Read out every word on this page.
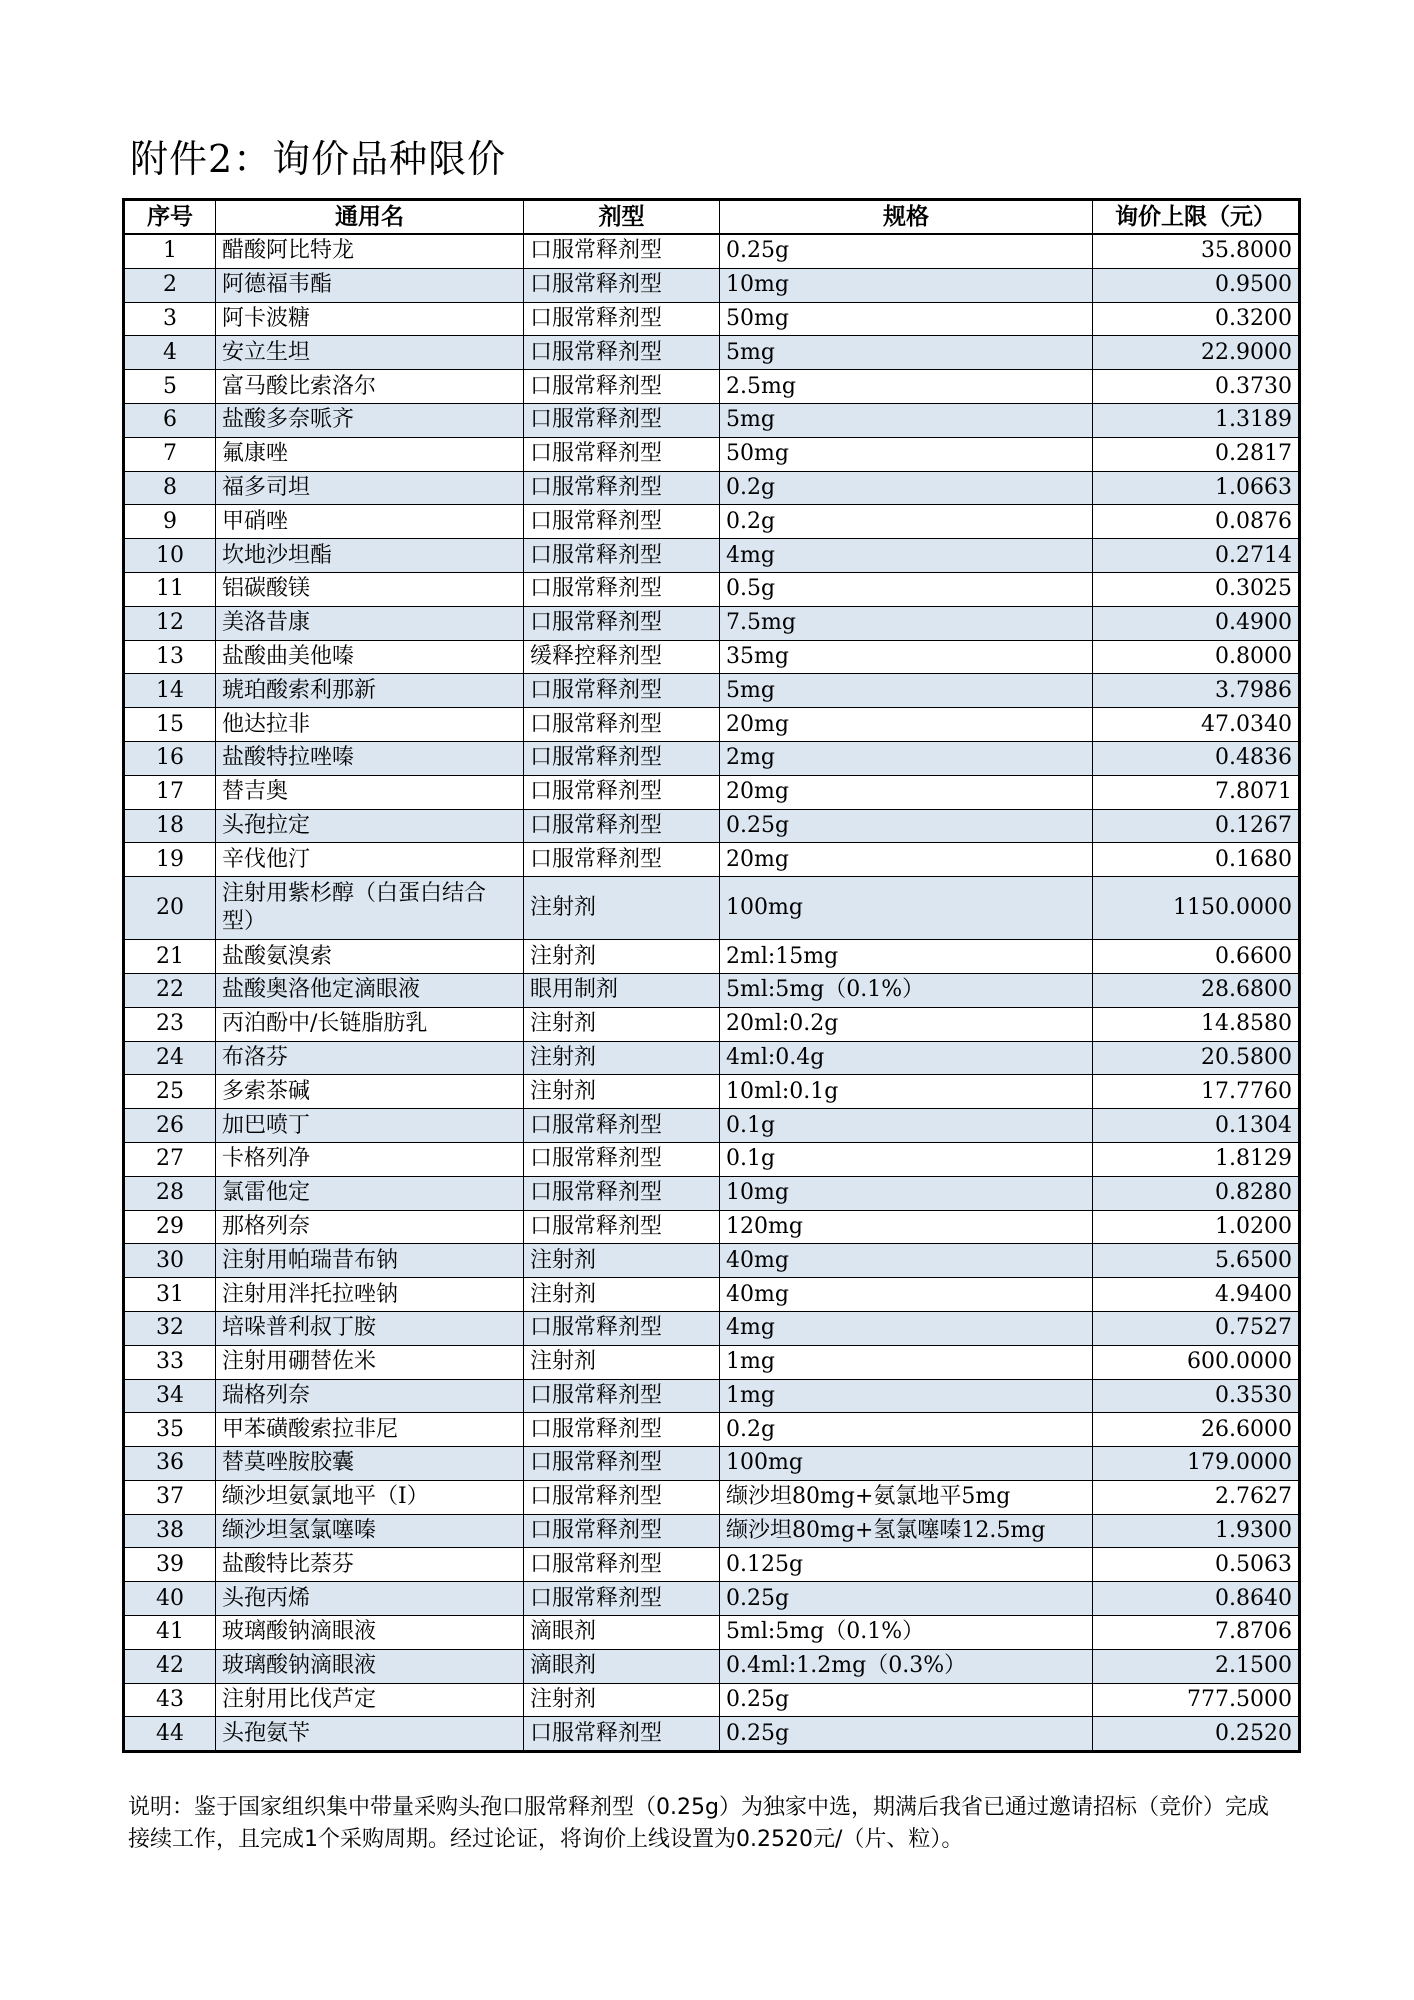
附件2：询价品种限价
序号	通用名	剂型	规格	询价上限（元）
1	醋酸阿比特龙	口服常释剂型	0.25g	35.8000
2	阿德福韦酯	口服常释剂型	10mg	0.9500
3	阿卡波糖	口服常释剂型	50mg	0.3200
4	安立生坦	口服常释剂型	5mg	22.9000
5	富马酸比索洛尔	口服常释剂型	2.5mg	0.3730
6	盐酸多奈哌齐	口服常释剂型	5mg	1.3189
7	氟康唑	口服常释剂型	50mg	0.2817
8	福多司坦	口服常释剂型	0.2g	1.0663
9	甲硝唑	口服常释剂型	0.2g	0.0876
10	坎地沙坦酯	口服常释剂型	4mg	0.2714
11	铝碳酸镁	口服常释剂型	0.5g	0.3025
12	美洛昔康	口服常释剂型	7.5mg	0.4900
13	盐酸曲美他嗪	缓释控释剂型	35mg	0.8000
14	琥珀酸索利那新	口服常释剂型	5mg	3.7986
15	他达拉非	口服常释剂型	20mg	47.0340
16	盐酸特拉唑嗪	口服常释剂型	2mg	0.4836
17	替吉奥	口服常释剂型	20mg	7.8071
18	头孢拉定	口服常释剂型	0.25g	0.1267
19	辛伐他汀	口服常释剂型	20mg	0.1680
20	注射用紫杉醇（白蛋白结合型）	注射剂	100mg	1150.0000
21	盐酸氨溴索	注射剂	2ml:15mg	0.6600
22	盐酸奥洛他定滴眼液	眼用制剂	5ml:5mg（0.1%）	28.6800
23	丙泊酚中/长链脂肪乳	注射剂	20ml:0.2g	14.8580
24	布洛芬	注射剂	4ml:0.4g	20.5800
25	多索茶碱	注射剂	10ml:0.1g	17.7760
26	加巴喷丁	口服常释剂型	0.1g	0.1304
27	卡格列净	口服常释剂型	0.1g	1.8129
28	氯雷他定	口服常释剂型	10mg	0.8280
29	那格列奈	口服常释剂型	120mg	1.0200
30	注射用帕瑞昔布钠	注射剂	40mg	5.6500
31	注射用泮托拉唑钠	注射剂	40mg	4.9400
32	培哚普利叔丁胺	口服常释剂型	4mg	0.7527
33	注射用硼替佐米	注射剂	1mg	600.0000
34	瑞格列奈	口服常释剂型	1mg	0.3530
35	甲苯磺酸索拉非尼	口服常释剂型	0.2g	26.6000
36	替莫唑胺胶囊	口服常释剂型	100mg	179.0000
37	缬沙坦氨氯地平（Ⅰ）	口服常释剂型	缬沙坦80mg+氨氯地平5mg	2.7627
38	缬沙坦氢氯噻嗪	口服常释剂型	缬沙坦80mg+氢氯噻嗪12.5mg	1.9300
39	盐酸特比萘芬	口服常释剂型	0.125g	0.5063
40	头孢丙烯	口服常释剂型	0.25g	0.8640
41	玻璃酸钠滴眼液	滴眼剂	5ml:5mg（0.1%）	7.8706
42	玻璃酸钠滴眼液	滴眼剂	0.4ml:1.2mg（0.3%）	2.1500
43	注射用比伐芦定	注射剂	0.25g	777.5000
44	头孢氨苄	口服常释剂型	0.25g	0.2520
说明：鉴于国家组织集中带量采购头孢口服常释剂型（0.25g）为独家中选，期满后我省已通过邀请招标（竞价）完成接续工作，且完成1个采购周期。经过论证，将询价上线设置为0.2520元/（片、粒）。
